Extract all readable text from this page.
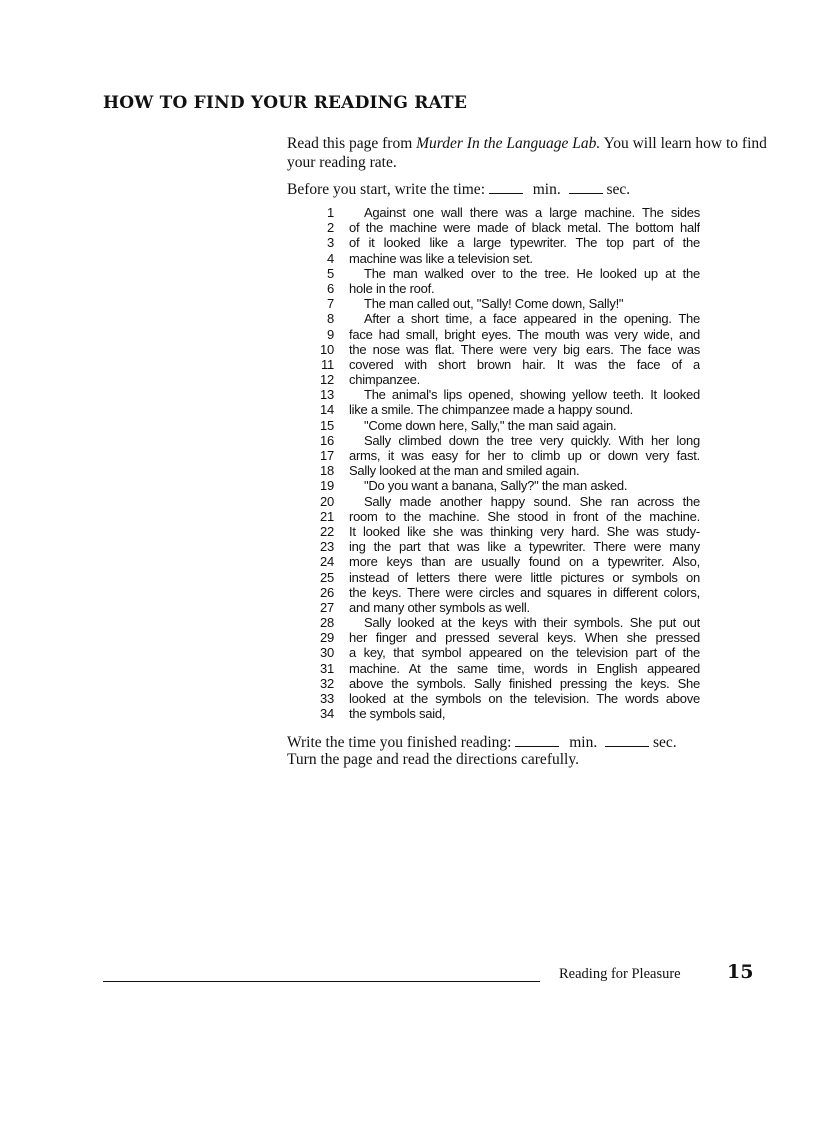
HOW TO FIND YOUR READING RATE

Read this page from Murder In the Language Lab. You will learn how to find your reading rate.

Before you start, write the time:	min.	sec.
1	Against one wall there was a large machine. The sides
2 of the machine were made of black metal. The bottom half
3 of it looked like a large typewriter. The top part of the
4 machine was like a television set.
5	The man walked over to the tree. He looked up at the
6 hole in the roof.
7	The man called out, "Sally! Come down, Sally!"
8	After a short time, a face appeared in the opening. The
9 face had small, bright eyes. The mouth was very wide, and
10 the nose was flat. There were very big ears. The face was
11 covered with short brown hair. It was the face of a
12 chimpanzee.
13	The animal's lips opened, showing yellow teeth. It looked
14 like a smile. The chimpanzee made a happy sound.
15	"Come down here, Sally," the man said again.
16	Sally climbed down the tree very quickly. With her long
17 arms, it was easy for her to climb up or down very fast.
18 Sally looked at the man and smiled again.
19	"Do you want a banana, Sally?" the man asked.
20	Sally made another happy sound. She ran across the
21 room to the machine. She stood in front of the machine.
22 It looked like she was thinking very hard. She was study-
23 ing the part that was like a typewriter. There were many
24 more keys than are usually found on a typewriter. Also,
25 instead of letters there were little pictures or symbols on
26 the keys. There were circles and squares in different colors,
27 and many other symbols as well.
28	Sally looked at the keys with their symbols. She put out
29 her finger and pressed several keys. When she pressed
30 a key, that symbol appeared on the television part of the
31 machine. At the same time, words in English appeared
32 above the symbols. Sally finished pressing the keys. She
33 looked at the symbols on the television. The words above
34 the symbols said,
Write the time you finished reading:	min.	sec.
Turn the page and read the directions carefully.
Reading for Pleasure 15
